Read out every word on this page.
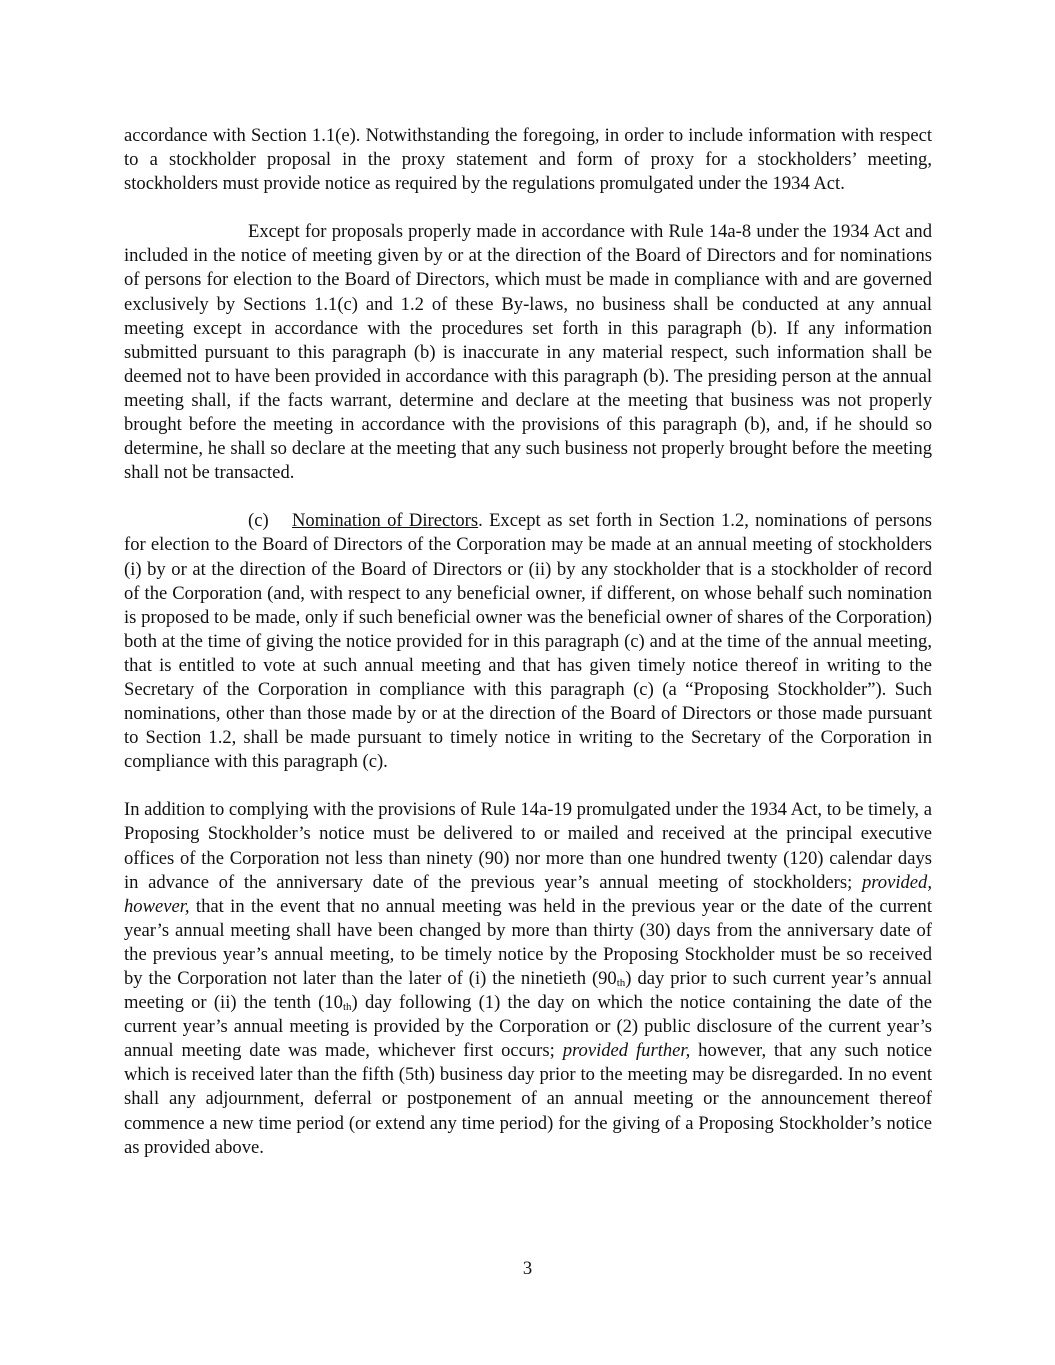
accordance with Section 1.1(e). Notwithstanding the foregoing, in order to include information with respect to a stockholder proposal in the proxy statement and form of proxy for a stockholders’ meeting, stockholders must provide notice as required by the regulations promulgated under the 1934 Act.

Except for proposals properly made in accordance with Rule 14a-8 under the 1934 Act and included in the notice of meeting given by or at the direction of the Board of Directors and for nominations of persons for election to the Board of Directors, which must be made in compliance with and are governed exclusively by Sections 1.1(c) and 1.2 of these By-laws, no business shall be conducted at any annual meeting except in accordance with the procedures set forth in this paragraph (b). If any information submitted pursuant to this paragraph (b) is inaccurate in any material respect, such information shall be deemed not to have been provided in accordance with this paragraph (b). The presiding person at the annual meeting shall, if the facts warrant, determine and declare at the meeting that business was not properly brought before the meeting in accordance with the provisions of this paragraph (b), and, if he should so determine, he shall so declare at the meeting that any such business not properly brought before the meeting shall not be transacted.

(c) Nomination of Directors. Except as set forth in Section 1.2, nominations of persons for election to the Board of Directors of the Corporation may be made at an annual meeting of stockholders (i) by or at the direction of the Board of Directors or (ii) by any stockholder that is a stockholder of record of the Corporation (and, with respect to any beneficial owner, if different, on whose behalf such nomination is proposed to be made, only if such beneficial owner was the beneficial owner of shares of the Corporation) both at the time of giving the notice provided for in this paragraph (c) and at the time of the annual meeting, that is entitled to vote at such annual meeting and that has given timely notice thereof in writing to the Secretary of the Corporation in compliance with this paragraph (c) (a “Proposing Stockholder”). Such nominations, other than those made by or at the direction of the Board of Directors or those made pursuant to Section 1.2, shall be made pursuant to timely notice in writing to the Secretary of the Corporation in compliance with this paragraph (c).

In addition to complying with the provisions of Rule 14a-19 promulgated under the 1934 Act, to be timely, a Proposing Stockholder’s notice must be delivered to or mailed and received at the principal executive offices of the Corporation not less than ninety (90) nor more than one hundred twenty (120) calendar days in advance of the anniversary date of the previous year’s annual meeting of stockholders; provided, however, that in the event that no annual meeting was held in the previous year or the date of the current year’s annual meeting shall have been changed by more than thirty (30) days from the anniversary date of the previous year’s annual meeting, to be timely notice by the Proposing Stockholder must be so received by the Corporation not later than the later of (i) the ninetieth $(90_{th})$ day prior to such current year’s annual meeting or (ii) the tenth $(10_{th})$ day following (1) the day on which the notice containing the date of the current year’s annual meeting is provided by the Corporation or (2) public disclosure of the current year’s annual meeting date was made, whichever first occurs; provided further, however, that any such notice which is received later than the fifth (5th) business day prior to the meeting may be disregarded. In no event shall any adjournment, deferral or postponement of an annual meeting or the announcement thereof commence a new time period (or extend any time period) for the giving of a Proposing Stockholder’s notice as provided above.

3
